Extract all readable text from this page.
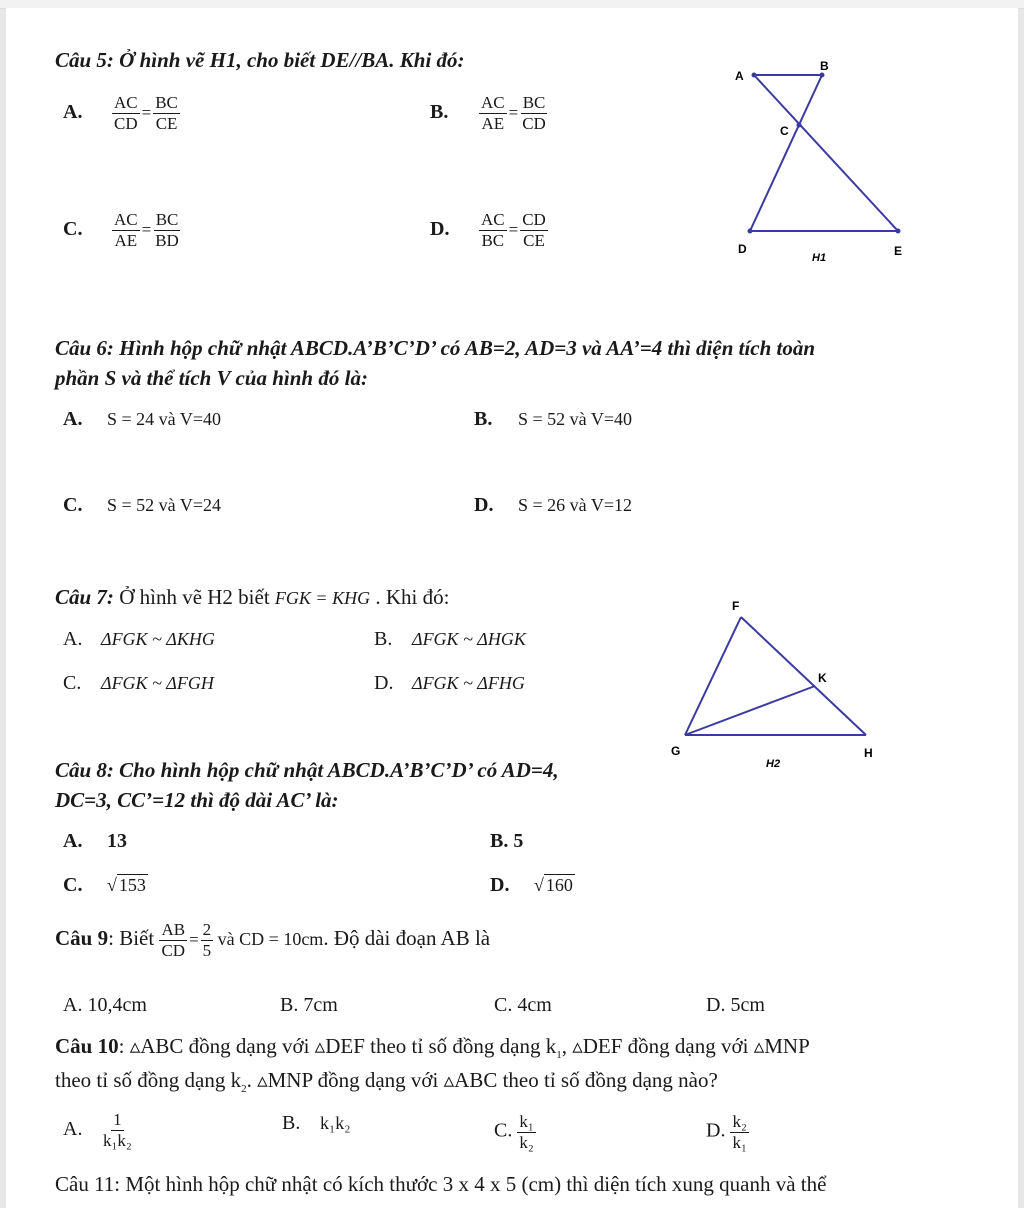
Câu 5: Ở hình vẽ H1, cho biết DE//BA. Khi đó:
A. $\frac{AC}{CD} = \frac{BC}{CE}$	B. $\frac{AC}{AE} = \frac{BC}{CD}$
C. $\frac{AC}{AE} = \frac{BC}{BD}$	D. $\frac{AC}{BC} = \frac{CD}{CE}$
A
B
C
D	E
H1
Câu 6: Hình hộp chữ nhật ABCD.A’B’C’D’ có AB=2, AD=3 và AA’=4 thì diện tích toàn
phần S và thể tích V của hình đó là:
A. S = 24 và V=40	B. S = 52 và V=40
C. S = 52 và V=24	D. S = 26 và V=12
Câu 7: Ở hình vẽ H2 biết FGK = KHG . Khi đó:
A. ΔFGK ~ ΔKHG	B. ΔFGK ~ ΔHGK
C. ΔFGK ~ ΔFGH	D. ΔFGK ~ ΔFHG
F
K
G	H
H2
Câu 8: Cho hình hộp chữ nhật ABCD.A’B’C’D’ có AD=4,
DC=3, CC’=12 thì độ dài AC’ là:
A. 13	B. 5
C. √ 153	D. √ 160
Câu 9: Biết $\frac{AB}{CD} = \frac{2}{5}$ và CD = 10cm. Độ dài đoạn AB là
A. 10,4cm	B. 7cm	C. 4cm	D. 5cm
Câu 10: ▵ABC đồng dạng với ▵DEF theo tỉ số đồng dạng $k_1$, ▵DEF đồng dạng với ▵MNP
theo tỉ số đồng dạng $k_2$. ▵MNP đồng dạng với ▵ABC theo tỉ số đồng dạng nào?
A. $\frac{1}{\text{k₁k₂}}$	B. k₁k₂	C. $\frac{\text{k₁}}{\text{k₂}}$	D. $\frac{\text{k₂}}{\text{k₁}}$
Câu 11: Một hình hộp chữ nhật có kích thước 3 x 4 x 5 (cm) thì diện tích xung quanh và thể
